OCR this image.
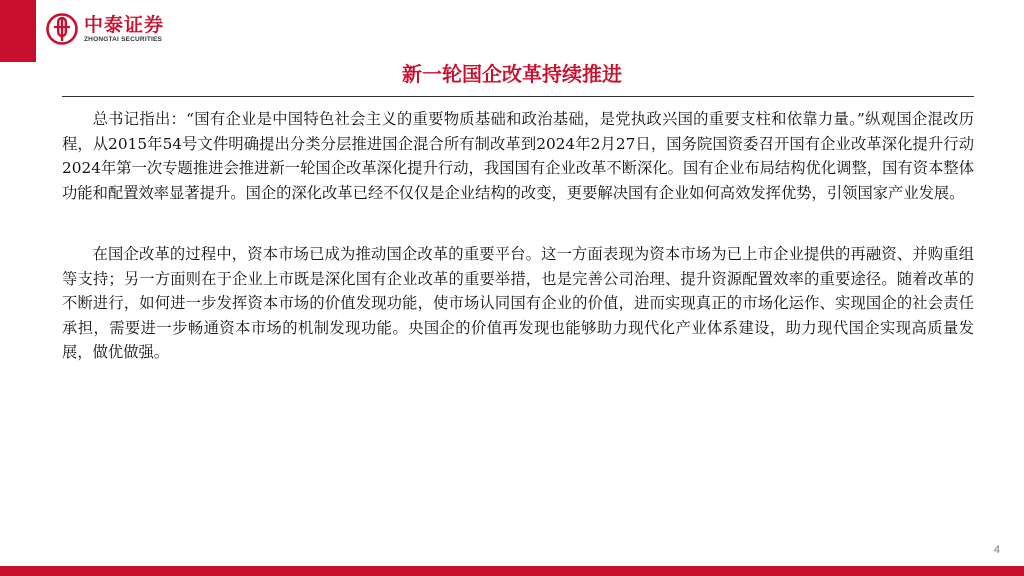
中泰证券
ZHONGTAI SECURITIES
新一轮国企改革持续推进

总书记指出：“国有企业是中国特色社会主义的重要物质基础和政治基础，是党执政兴国的重要支柱和依靠力量。”纵观国企混改历程，从2015年54号文件明确提出分类分层推进国企混合所有制改革到2024年2月27日，国务院国资委召开国有企业改革深化提升行动2024年第一次专题推进会推进新一轮国企改革深化提升行动，我国国有企业改革不断深化。国有企业布局结构优化调整，国有资本整体功能和配置效率显著提升。国企的深化改革已经不仅仅是企业结构的改变，更要解决国有企业如何高效发挥优势，引领国家产业发展。

在国企改革的过程中，资本市场已成为推动国企改革的重要平台。这一方面表现为资本市场为已上市企业提供的再融资、并购重组等支持；另一方面则在于企业上市既是深化国有企业改革的重要举措，也是完善公司治理、提升资源配置效率的重要途径。随着改革的不断进行，如何进一步发挥资本市场的价值发现功能，使市场认同国有企业的价值，进而实现真正的市场化运作、实现国企的社会责任承担，需要进一步畅通资本市场的机制发现功能。央国企的价值再发现也能够助力现代化产业体系建设，助力现代国企实现高质量发展，做优做强。

4
